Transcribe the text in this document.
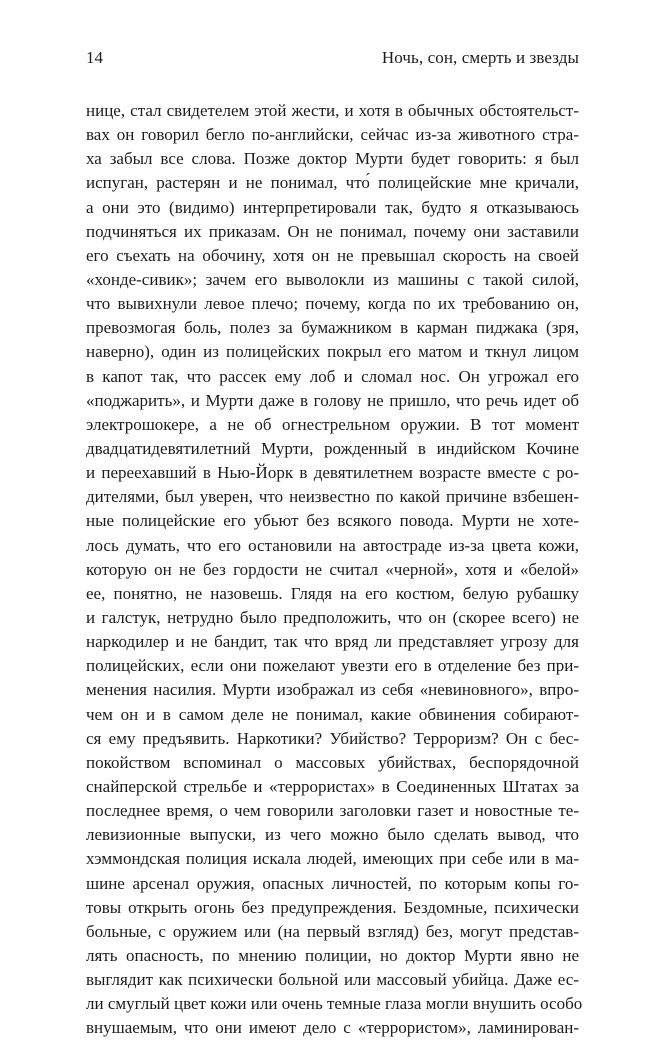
14	Ночь, сон, смерть и звезды
нице, стал свидетелем этой жести, и хотя в обычных обстоятельст-
вах он говорил бегло по-английски, сейчас из-за животного стра-
ха забыл все слова. Позже доктор Мурти будет говорить: я был
испуган, растерян и не понимал, что́ полицейские мне кричали,
а они это (видимо) интерпретировали так, будто я отказываюсь
подчиняться их приказам. Он не понимал, почему они заставили
его съехать на обочину, хотя он не превышал скорость на своей
«хонде-сивик»; зачем его выволокли из машины с такой силой,
что вывихнули левое плечо; почему, когда по их требованию он,
превозмогая боль, полез за бумажником в карман пиджака (зря,
наверно), один из полицейских покрыл его матом и ткнул лицом
в капот так, что рассек ему лоб и сломал нос. Он угрожал его
«поджарить», и Мурти даже в голову не пришло, что речь идет об
электрошокере, а не об огнестрельном оружии. В тот момент
двадцатидевятилетний Мурти, рожденный в индийском Кочине
и переехавший в Нью-Йорк в девятилетнем возрасте вместе с ро-
дителями, был уверен, что неизвестно по какой причине взбешен-
ные полицейские его убьют без всякого повода. Мурти не хоте-
лось думать, что его остановили на автостраде из-за цвета кожи,
которую он не без гордости не считал «черной», хотя и «белой»
ее, понятно, не назовешь. Глядя на его костюм, белую рубашку
и галстук, нетрудно было предположить, что он (скорее всего) не
наркодилер и не бандит, так что вряд ли представляет угрозу для
полицейских, если они пожелают увезти его в отделение без при-
менения насилия. Мурти изображал из себя «невиновного», впро-
чем он и в самом деле не понимал, какие обвинения собирают-
ся ему предъявить. Наркотики? Убийство? Терроризм? Он с бес-
покойством вспоминал о массовых убийствах, беспорядочной
снайперской стрельбе и «террористах» в Соединенных Штатах за
последнее время, о чем говорили заголовки газет и новостные те-
левизионные выпуски, из чего можно было сделать вывод, что
хэммондская полиция искала людей, имеющих при себе или в ма-
шине арсенал оружия, опасных личностей, по которым копы го-
товы открыть огонь без предупреждения. Бездомные, психически
больные, с оружием или (на первый взгляд) без, могут представ-
лять опасность, по мнению полиции, но доктор Мурти явно не
выглядит как психически больной или массовый убийца. Даже ес-
ли смуглый цвет кожи или очень темные глаза могли внушить особо
внушаемым, что они имеют дело с «террористом», ламинирован-
